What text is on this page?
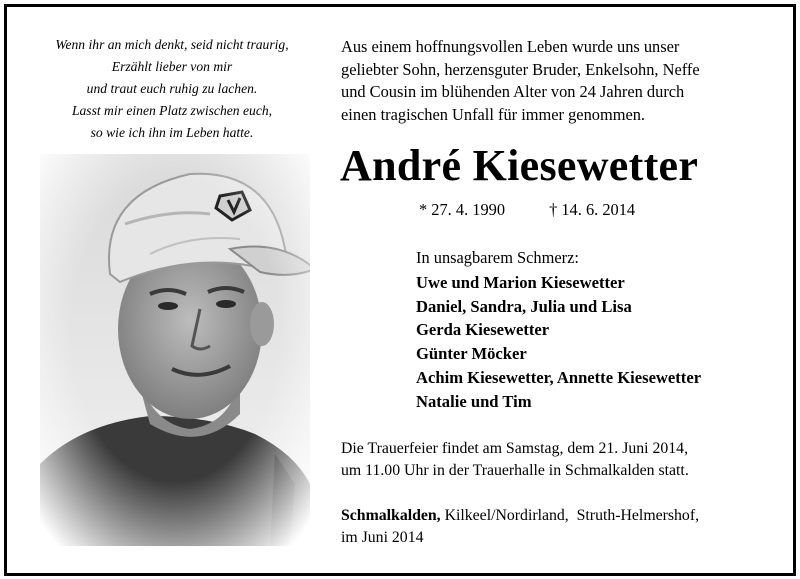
Wenn ihr an mich denkt, seid nicht traurig,
Erzählt lieber von mir
und traut euch ruhig zu lachen.
Lasst mir einen Platz zwischen euch,
so wie ich ihn im Leben hatte.
Aus einem hoffnungsvollen Leben wurde uns unser
geliebter Sohn, herzensguter Bruder, Enkelsohn, Neffe
und Cousin im blühenden Alter von 24 Jahren durch
einen tragischen Unfall für immer genommen.
André Kiesewetter
* 27. 4. 1990	† 14. 6. 2014
In unsagbarem Schmerz:
Uwe und Marion Kiesewetter
Daniel, Sandra, Julia und Lisa
Gerda Kiesewetter
Günter Möcker
Achim Kiesewetter, Annette Kiesewetter
Natalie und Tim
Die Trauerfeier findet am Samstag, dem 21. Juni 2014,
um 11.00 Uhr in der Trauerhalle in Schmalkalden statt.
Schmalkalden, Kilkeel/Nordirland,  Struth-Helmershof,
im Juni 2014
